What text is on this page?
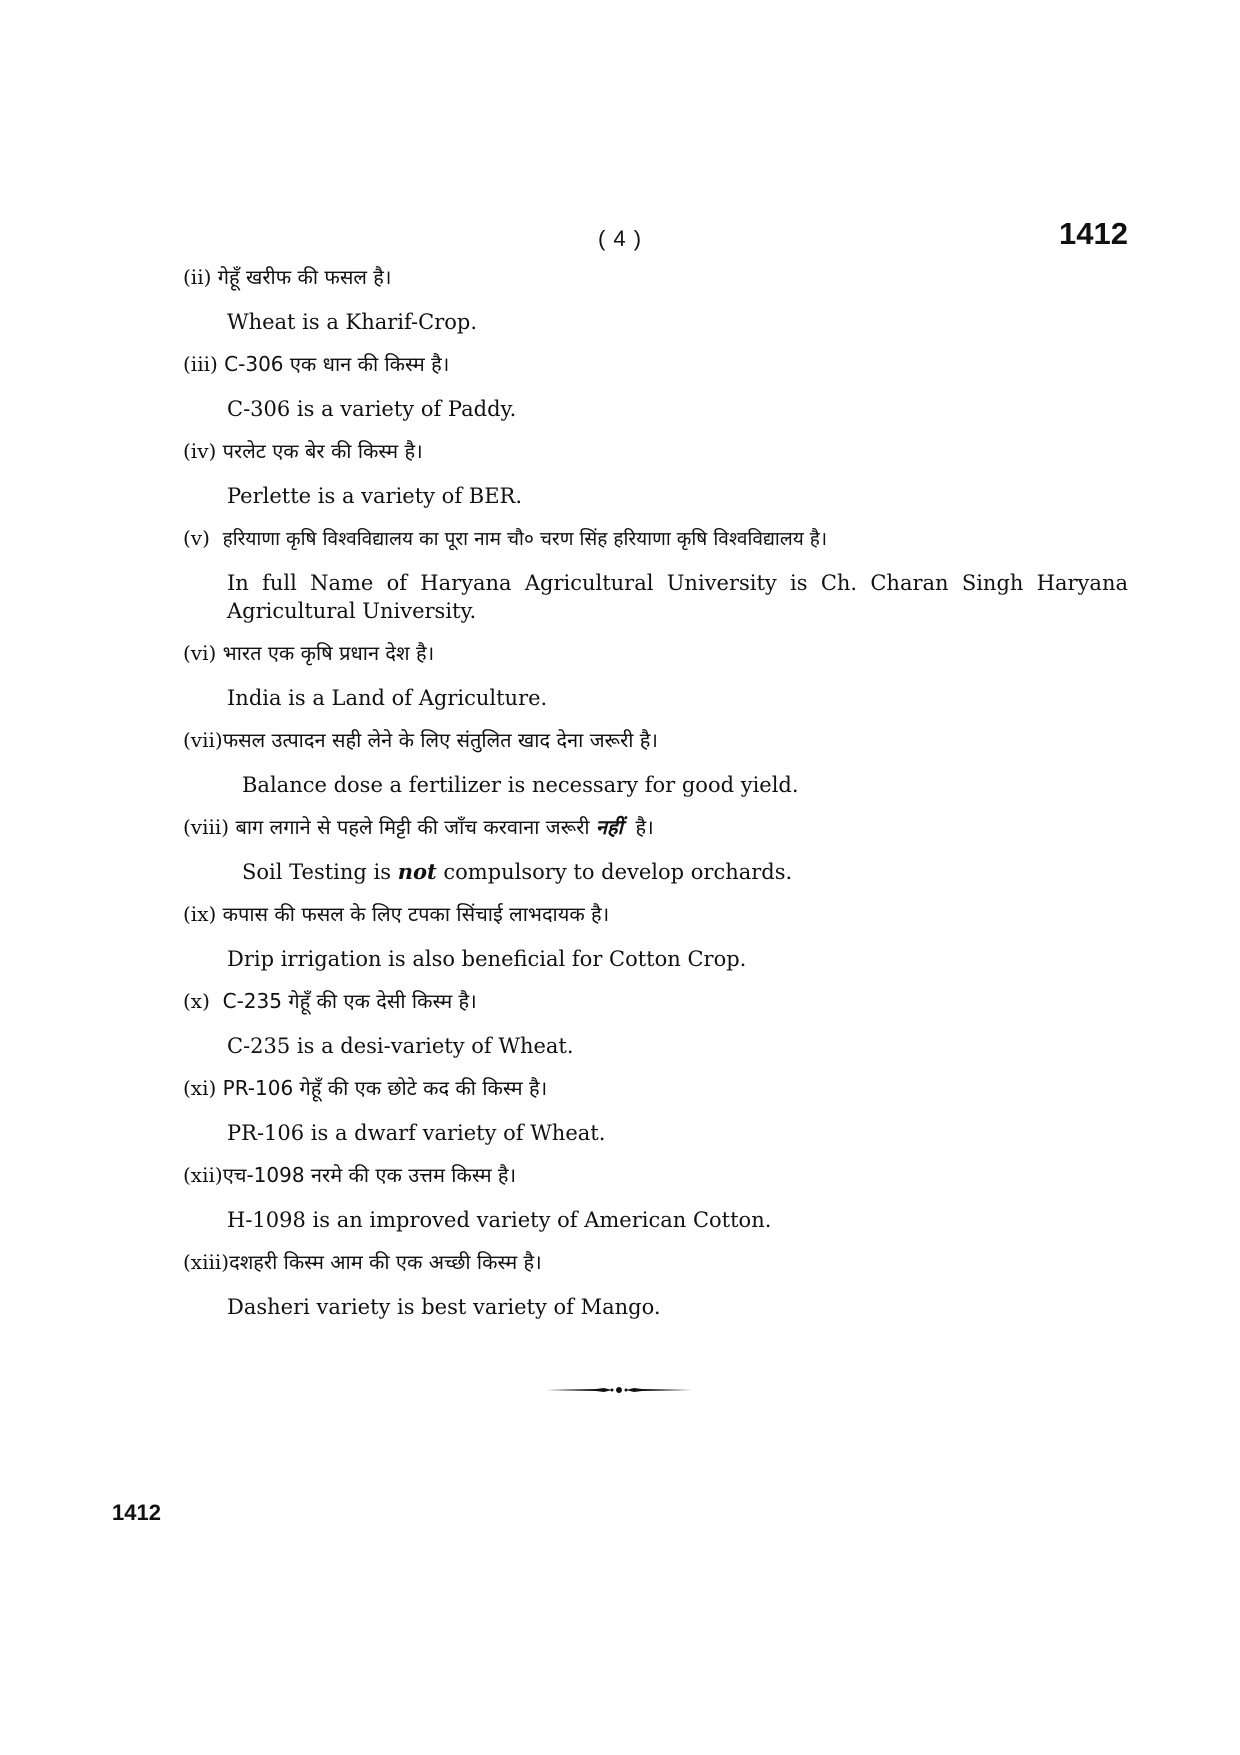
( 4 )	1412

(ii) गेहूँ खरीफ की फसल है।
Wheat is a Kharif-Crop.
(iii) C-306 एक धान की किस्म है।
C-306 is a variety of Paddy.
(iv) परलेट एक बेर की किस्म है।
Perlette is a variety of BER.
(v) हरियाणा कृषि विश्वविद्यालय का पूरा नाम चौ० चरण सिंह हरियाणा कृषि विश्वविद्यालय है।
In full Name of Haryana Agricultural University is Ch. Charan Singh Haryana Agricultural University.
(vi) भारत एक कृषि प्रधान देश है।
India is a Land of Agriculture.
(vii)फसल उत्पादन सही लेने के लिए संतुलित खाद देना जरूरी है।
Balance dose a fertilizer is necessary for good yield.
(viii) बाग लगाने से पहले मिट्टी की जाँच करवाना जरूरी नहीं है।
Soil Testing is not compulsory to develop orchards.
(ix) कपास की फसल के लिए टपका सिंचाई लाभदायक है।
Drip irrigation is also beneficial for Cotton Crop.
(x) C-235 गेहूँ की एक देसी किस्म है।
C-235 is a desi-variety of Wheat.
(xi) PR-106 गेहूँ की एक छोटे कद की किस्म है।
PR-106 is a dwarf variety of Wheat.
(xii)एच-1098 नरमे की एक उत्तम किस्म है।
H-1098 is an improved variety of American Cotton.
(xiii)दशहरी किस्म आम की एक अच्छी किस्म है।
Dasheri variety is best variety of Mango.

1412
